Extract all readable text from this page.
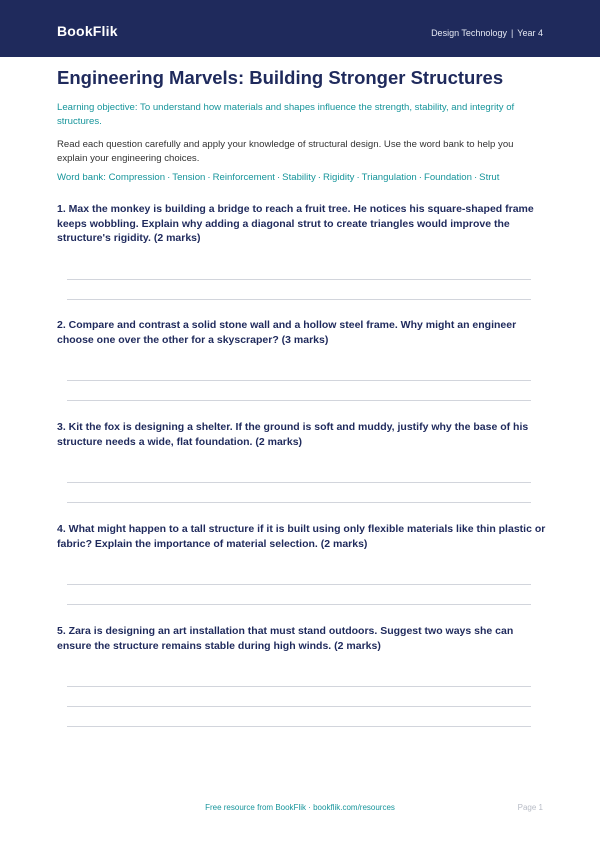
BookFlik	Design Technology | Year 4
Engineering Marvels: Building Stronger Structures
Learning objective: To understand how materials and shapes influence the strength, stability, and integrity of structures.
Read each question carefully and apply your knowledge of structural design. Use the word bank to help you explain your engineering choices.
Word bank: Compression · Tension · Reinforcement · Stability · Rigidity · Triangulation · Foundation · Strut
1. Max the monkey is building a bridge to reach a fruit tree. He notices his square-shaped frame keeps wobbling. Explain why adding a diagonal strut to create triangles would improve the structure's rigidity. (2 marks)
2. Compare and contrast a solid stone wall and a hollow steel frame. Why might an engineer choose one over the other for a skyscraper? (3 marks)
3. Kit the fox is designing a shelter. If the ground is soft and muddy, justify why the base of his structure needs a wide, flat foundation. (2 marks)
4. What might happen to a tall structure if it is built using only flexible materials like thin plastic or fabric? Explain the importance of material selection. (2 marks)
5. Zara is designing an art installation that must stand outdoors. Suggest two ways she can ensure the structure remains stable during high winds. (2 marks)
Free resource from BookFlik · bookflik.com/resources	Page 1
